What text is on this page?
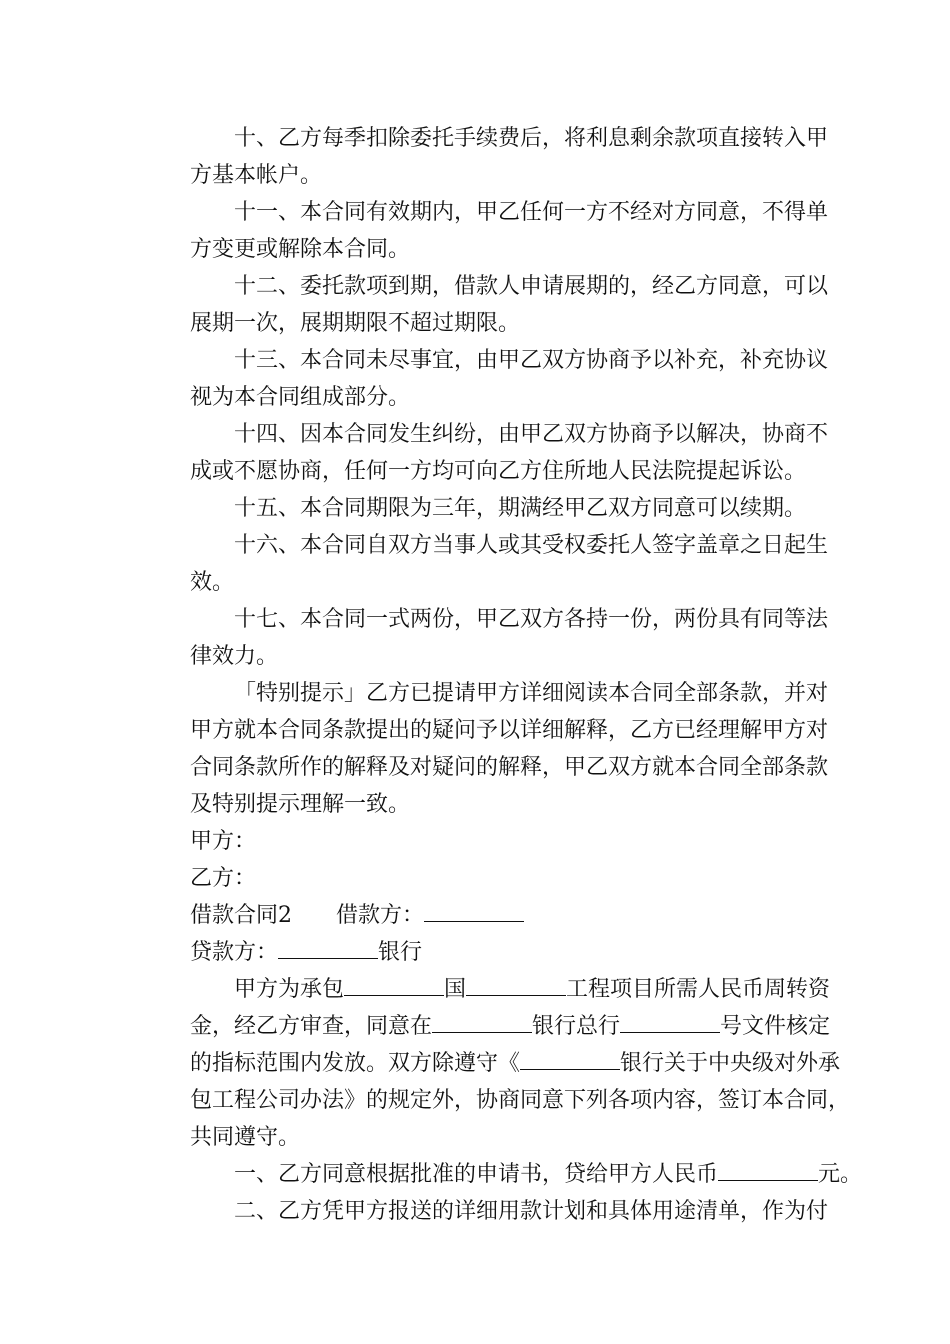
十、乙方每季扣除委托手续费后，将利息剩余款项直接转入甲
方基本帐户。

十一、本合同有效期内，甲乙任何一方不经对方同意，不得单
方变更或解除本合同。

十二、委托款项到期，借款人申请展期的，经乙方同意，可以
展期一次，展期期限不超过期限。

十三、本合同未尽事宜，由甲乙双方协商予以补充，补充协议
视为本合同组成部分。

十四、因本合同发生纠纷，由甲乙双方协商予以解决，协商不
成或不愿协商，任何一方均可向乙方住所地人民法院提起诉讼。

十五、本合同期限为三年，期满经甲乙双方同意可以续期。

十六、本合同自双方当事人或其受权委托人签字盖章之日起生
效。

十七、本合同一式两份，甲乙双方各持一份，两份具有同等法
律效力。

「特别提示」乙方已提请甲方详细阅读本合同全部条款，并对
甲方就本合同条款提出的疑问予以详细解释，乙方已经理解甲方对
合同条款所作的解释及对疑问的解释，甲乙双方就本合同全部条款
及特别提示理解一致。

甲方：

乙方：

借款合同2 借款方：

贷款方：	银行

甲方为承包	国	工程项目所需人民币周转资
金，经乙方审查，同意在	银行总行	号文件核定
的指标范围内发放。双方除遵守《	银行关于中央级对外承
包工程公司办法》的规定外，协商同意下列各项内容，签订本合同，
共同遵守。

一、乙方同意根据批准的申请书，贷给甲方人民币	元。

二、乙方凭甲方报送的详细用款计划和具体用途清单，作为付
